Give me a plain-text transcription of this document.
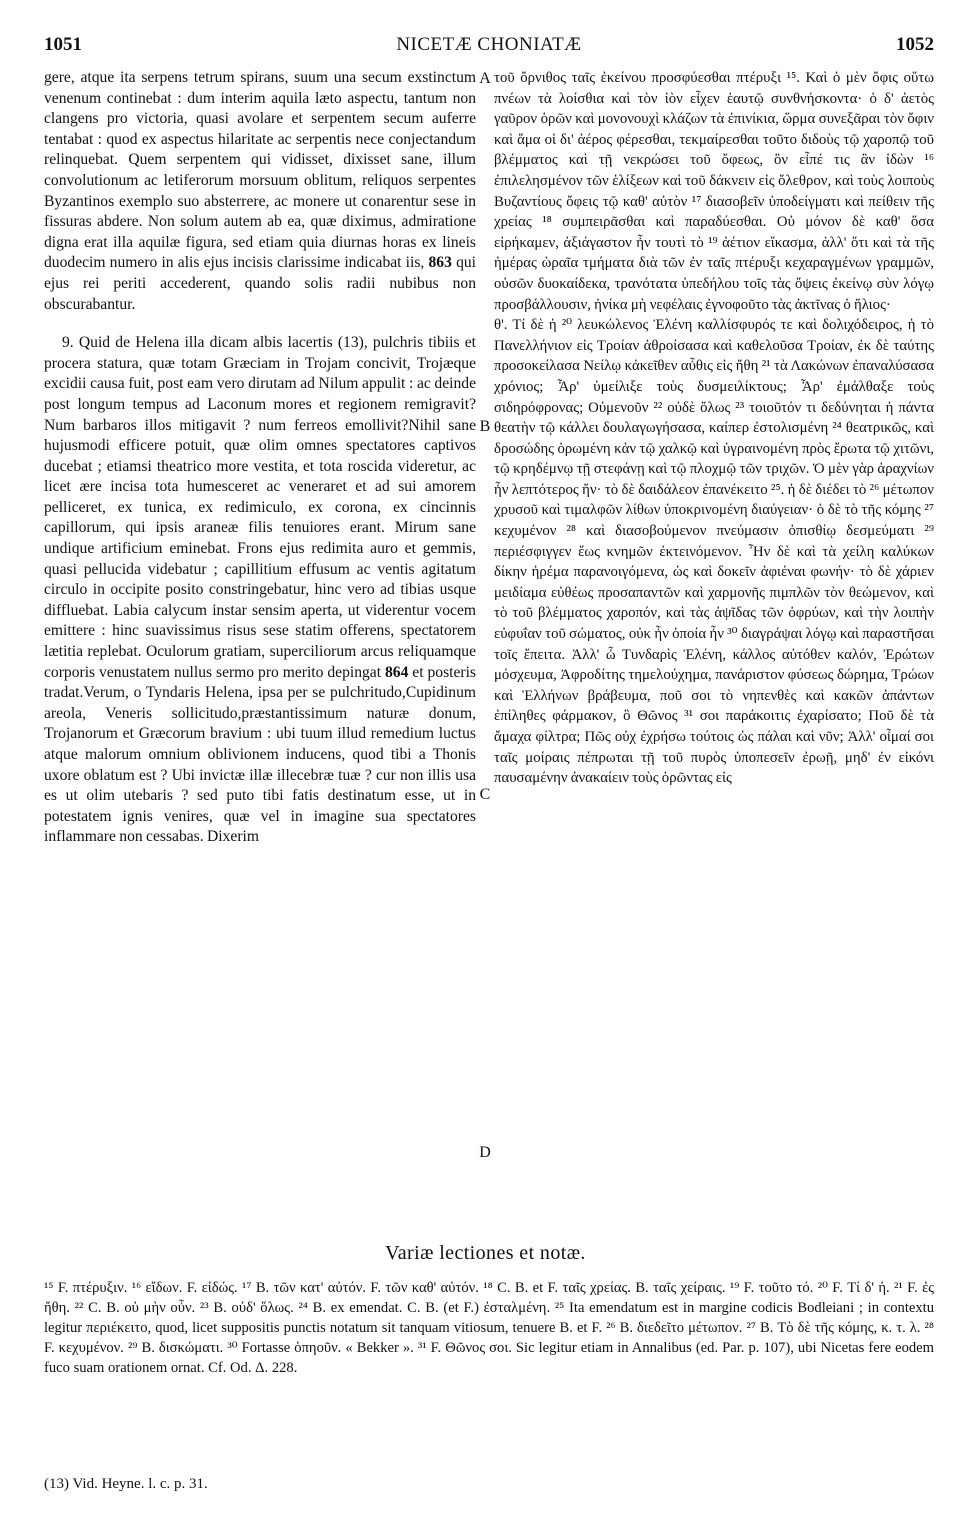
1051	NICETÆ CHONIATÆ	1052

gere, atque ita serpens tetrum spirans, suum una secum exstinctum venenum continebat : dum interim aquila læto aspectu, tantum non clangens pro victoria, quasi avolare et serpentem secum auferre tentabat : quod ex aspectus hilaritate ac serpentis nece conjectandum relinquebat. Quem serpentem qui vidisset, dixisset sane, illum convolutionum ac letiferorum morsuum oblitum, reliquos serpentes Byzantinos exemplo suo absterrere, ac monere ut conarentur sese in fissuras abdere. Non solum autem ab ea, quæ diximus, admiratione digna erat illa aquilæ figura, sed etiam quia diurnas horas ex lineis duodecim numero in alis ejus incisis clarissime indicabat iis, 863 qui ejus rei periti accederent, quando solis radii nubibus non obscurabantur.

9. Quid de Helena illa dicam albis lacertis (13), pulchris tibiis et procera statura, quæ totam Græciam in Trojam concivit, Trojæque excidii causa fuit, post eam vero dirutam ad Nilum appulit : ac deinde post longum tempus ad Laconum mores et regionem remigravit? Num barbaros illos mitigavit ? num ferreos emollivit?Nihil sane hujusmodi efficere potuit, quæ olim omnes spectatores captivos ducebat ; etiamsi theatrico more vestita, et tota roscida videretur, ac licet ære incisa tota humesceret ac veneraret et ad sui amorem pelliceret, ex tunica, ex redimiculo, ex corona, ex cincinnis capillorum, qui ipsis araneæ filis tenuiores erant. Mirum sane undique artificium eminebat. Frons ejus redimita auro et gemmis, quasi pellucida videbatur ; capillitium effusum ac ventis agitatum circulo in occipite posito constringebatur, hinc vero ad tibias usque diffluebat. Labia calycum instar sensim aperta, ut viderentur vocem emittere : hinc suavissimus risus sese statim offerens, spectatorem lætitia replebat. Oculorum gratiam, superciliorum arcus reliquamque corporis venustatem nullus sermo pro merito depingat 864 et posteris tradat.Verum, o Tyndaris Helena, ipsa per se pulchritudo,Cupidinum areola, Veneris sollicitudo,præstantissimum naturæ donum, Trojanorum et Græcorum bravium : ubi tuum illud remedium luctus atque malorum omnium oblivionem inducens, quod tibi a Thonis uxore oblatum est ? Ubi invictæ illæ illecebræ tuæ ? cur non illis usa es ut olim utebaris ? sed puto tibi fatis destinatum esse, ut in potestatem ignis venires, quæ vel in imagine sua spectatores inflammare non cessabas. Dixerim

A
B
C
D

τοῦ ὄρνιθος ταῖς ἐκείνου προσφύεσθαι πτέρυξι ¹⁵. Καὶ ὁ μὲν ὄφις οὕτω πνέων τὰ λοίσθια καὶ τὸν ἰὸν εἶχεν ἑαυτῷ συνθνήσκοντα· ὁ δ' ἀετὸς γαῦρον ὁρῶν καὶ μονονουχὶ κλάζων τὰ ἐπινίκια, ὥρμα συνεξᾶραι τὸν ὄφιν καὶ ἅμα οἱ δι' ἀέρος φέρεσθαι, τεκμαίρεσθαι τοῦτο διδοὺς τῷ χαροπῷ τοῦ βλέμματος καὶ τῇ νεκρώσει τοῦ ὄφεως, ὃν εἶπέ τις ἂν ἰδὼν ¹⁶ ἐπιλελησμένον τῶν ἑλίξεων καὶ τοῦ δάκνειν εἰς ὄλεθρον, καὶ τοὺς λοιποὺς Βυζαντίους ὄφεις τῷ καθ' αὐτὸν ¹⁷ διασοβεῖν ὑποδείγματι καὶ πείθειν τῆς χρείας ¹⁸ συμπειρᾶσθαι καὶ παραδύεσθαι. Οὐ μόνον δὲ καθ' ὅσα εἰρήκαμεν, ἀξιάγαστον ἦν τουτὶ τὸ ¹⁹ ἀέτιον εἴκασμα, ἀλλ' ὅτι καὶ τὰ τῆς ἡμέρας ὡραῖα τμήματα διὰ τῶν ἐν ταῖς πτέρυξι κεχαραγμένων γραμμῶν, οὐσῶν δυοκαίδεκα, τρανότατα ὑπεδήλου τοῖς τὰς ὄψεις ἐκείνῳ σὺν λόγῳ προσβάλλουσιν, ἡνίκα μὴ νεφέλαις ἐγνοφοῦτο τὰς ἀκτῖνας ὁ ἥλιος·

θ'. Τί δὲ ἡ ²⁰ λευκώλενος Ἑλένη καλλίσφυρός τε καὶ δολιχόδειρος, ἡ τὸ Πανελλήνιον εἰς Τροίαν ἀθροίσασα καὶ καθελοῦσα Τροίαν, ἐκ δὲ ταύτης προσοκείλασα Νείλῳ κἀκεῖθεν αὖθις εἰς ἤθη ²¹ τὰ Λακώνων ἐπαναλύσασα χρόνιος; Ἆρ' ὑμείλιξε τοὺς δυσμειλίκτους; Ἆρ' ἐμάλθαξε τοὺς σιδηρόφρονας; Οὐμενοῦν ²² οὐδὲ ὅλως ²³ τοιοῦτόν τι δεδύνηται ἡ πάντα θεατὴν τῷ κάλλει δουλαγωγήσασα, καίπερ ἐστολισμένη ²⁴ θεατρικῶς, καὶ δροσώδης ὁρωμένη κἀν τῷ χαλκῷ καὶ ὑγραινομένη πρὸς ἔρωτα τῷ χιτῶνι, τῷ κρηδέμνῳ τῇ στεφάνῃ καὶ τῷ πλοχμῷ τῶν τριχῶν. Ὁ μὲν γὰρ ἀραχνίων ἦν λεπτότερος ἤν· τὸ δὲ δαιδάλεον ἐπανέκειτο ²⁵. ἡ δὲ διέδει τὸ ²⁶ μέτωπον χρυσοῦ καὶ τιμαλφῶν λίθων ὑποκρινομένη διαύγειαν· ὁ δὲ τὸ τῆς κόμης ²⁷ κεχυμένον ²⁸ καὶ διασοβούμενον πνεύμασιν ὀπισθίῳ δεσμεύματι ²⁹ περιέσφιγγεν ἕως κνημῶν ἐκτεινόμενον. Ἦν δὲ καὶ τὰ χείλη καλύκων δίκην ἠρέμα παρανοιγόμενα, ὡς καὶ δοκεῖν ἀφιέναι φωνήν· τὸ δὲ χάριεν μειδίαμα εὐθέως προσαπαντῶν καὶ χαρμονῆς πιμπλῶν τὸν θεώμενον, καὶ τὸ τοῦ βλέμματος χαροπόν, καὶ τὰς ἀψῖδας τῶν ὀφρύων, καὶ τὴν λοιπὴν εὐφυΐαν τοῦ σώματος, οὐκ ἦν ὁποία ἦν ³⁰ διαγράψαι λόγῳ καὶ παραστῆσαι τοῖς ἔπειτα. Ἀλλ' ὦ Τυνδαρὶς Ἑλένη, κάλλος αὐτόθεν καλόν, Ἐρώτων μόσχευμα, Ἀφροδίτης τημελούχημα, πανάριστον φύσεως δώρημα, Τρώων καὶ Ἑλλήνων βράβευμα, ποῦ σοι τὸ νηπενθὲς καὶ κακῶν ἁπάντων ἐπίληθες φάρμακον, ὃ Θῶνος ³¹ σοι παράκοιτις ἐχαρίσατο; Ποῦ δὲ τὰ ἄμαχα φίλτρα; Πῶς οὐχ ἐχρήσω τούτοις ὡς πάλαι καὶ νῦν; Ἀλλ' οἶμαί σοι ταῖς μοίραις πέπρωται τῇ τοῦ πυρὸς ὑποπεσεῖν ἐρωῇ, μηδ' ἐν εἰκόνι παυσαμένην ἀνακαίειν τοὺς ὁρῶντας εἰς

Variæ lectiones et notæ.
¹⁵ F. πτέρυξιν. ¹⁶ εἴδων. F. εἰδώς. ¹⁷ B. τῶν κατ' αὐτόν. F. τῶν καθ' αὐτόν. ¹⁸ C. B. et F. ταῖς χρείας. B. ταῖς χείραις. ¹⁹ F. τοῦτο τό. ²⁰ F. Τί δ' ἡ. ²¹ F. ἐς ἤθη. ²² C. B. οὐ μὴν οὖν. ²³ B. οὐδ' ὅλως. ²⁴ B. ex emendat. C. B. (et F.) ἐσταλμένη. ²⁵ Ita emendatum est in margine codicis Bodleiani ; in contextu legitur περιέκειτο, quod, licet suppositis punctis notatum sit tanquam vitiosum, tenuere B. et F. ²⁶ B. διεδεῖτο μέτωπον. ²⁷ B. Τὸ δὲ τῆς κόμης, κ. τ. λ. ²⁸ F. κεχυμένον. ²⁹ B. δισκώματι. ³⁰ Fortasse ὁπηοῦν. « Bekker ». ³¹ F. Θῶνος σοι. Sic legitur etiam in Annalibus (ed. Par. p. 107), ubi Nicetas fere eodem fuco suam orationem ornat. Cf. Od. Δ. 228.
(13) Vid. Heyne. l. c. p. 31.
